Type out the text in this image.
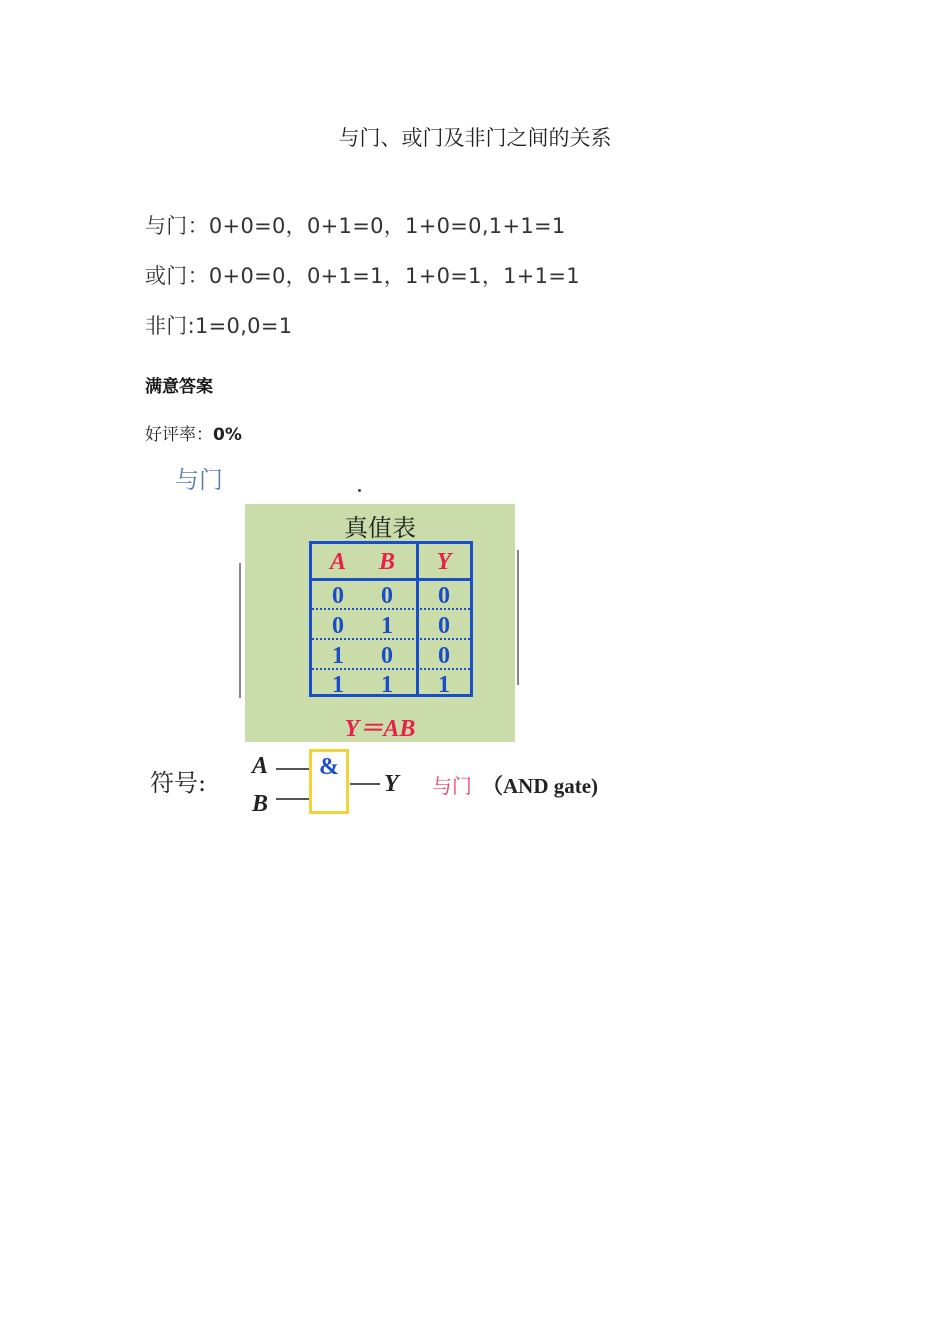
与门、或门及非门之间的关系
与门：0+0=0，0+1=0，1+0=0,1+1=1
或门：0+0=0，0+1=1，1+0=1，1+1=1
非门:1=0,0=1
满意答案
好评率：0%
与门
真值表
A B	Y
0	0	0
0	1	0
1	0	0
1	1	1
Y＝AB
符号:
A
B
&
Y 与门 （AND gate)
